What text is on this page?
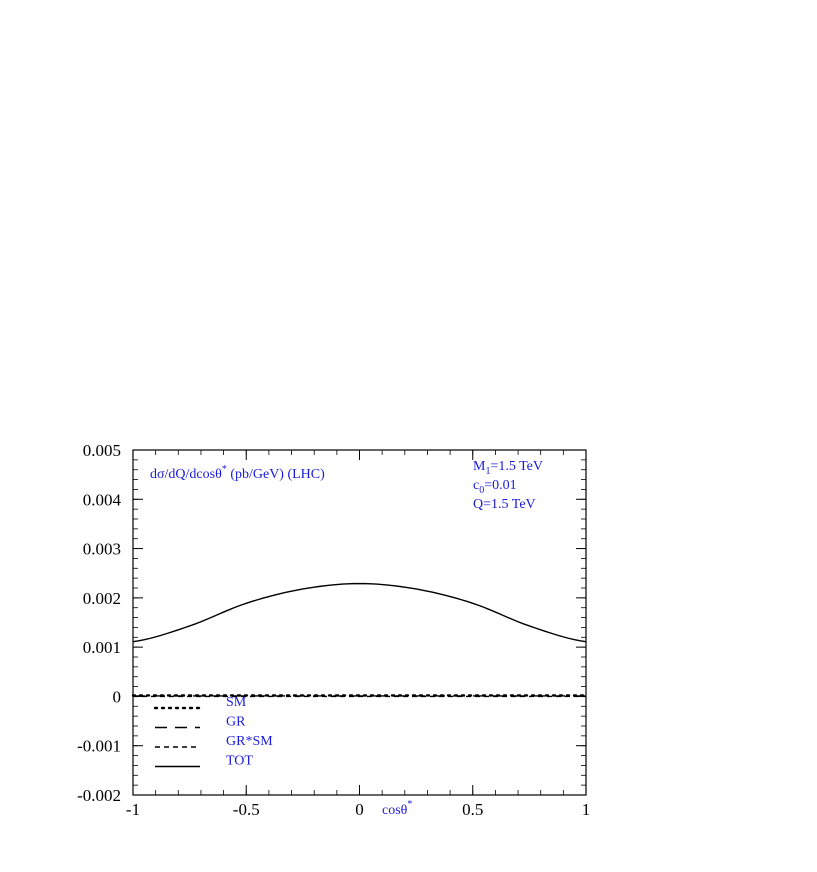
-0.002
-0.001
0
0.001
0.002
0.003
0.004
0.005
-1	-0.5	0	0.5	1
dσ/dQ/dcosθ* (pb/GeV) (LHC)
$M_1=1.5$ TeV
$c_0=0.01$
Q=1.5 TeV
cosθ*
SM
GR
GR*SM
TOT
